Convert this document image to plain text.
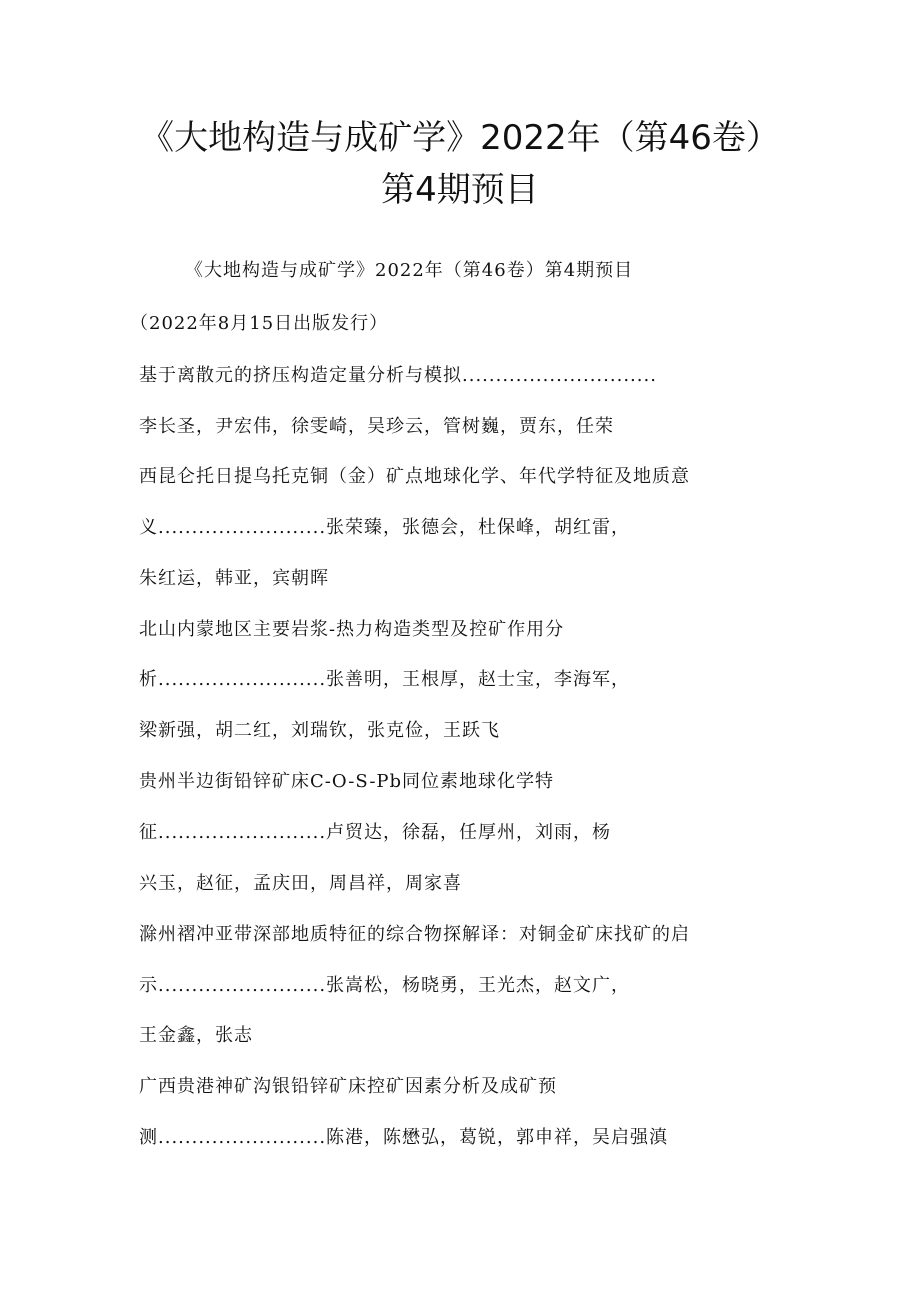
《大地构造与成矿学》2022年（第46卷）
第4期预目
《大地构造与成矿学》2022年（第46卷）第4期预目
（2022年8月15日出版发行）
基于离散元的挤压构造定量分析与模拟.............................
李长圣，尹宏伟，徐雯崎，吴珍云，管树巍，贾东，任荣
西昆仑托日提乌托克铜（金）矿点地球化学、年代学特征及地质意
义.........................张荣臻，张德会，杜保峰，胡红雷，
朱红运，韩亚，宾朝晖
北山内蒙地区主要岩浆-热力构造类型及控矿作用分
析.........................张善明，王根厚，赵士宝，李海军，
梁新强，胡二红，刘瑞钦，张克俭，王跃飞
贵州半边街铅锌矿床C-O-S-Pb同位素地球化学特
征.........................卢贸达，徐磊，任厚州，刘雨，杨
兴玉，赵征，孟庆田，周昌祥，周家喜
滁州褶冲亚带深部地质特征的综合物探解译：对铜金矿床找矿的启
示.........................张嵩松，杨晓勇，王光杰，赵文广，
王金鑫，张志
广西贵港神矿沟银铅锌矿床控矿因素分析及成矿预
测.........................陈港，陈懋弘，葛锐，郭申祥，吴启强滇
